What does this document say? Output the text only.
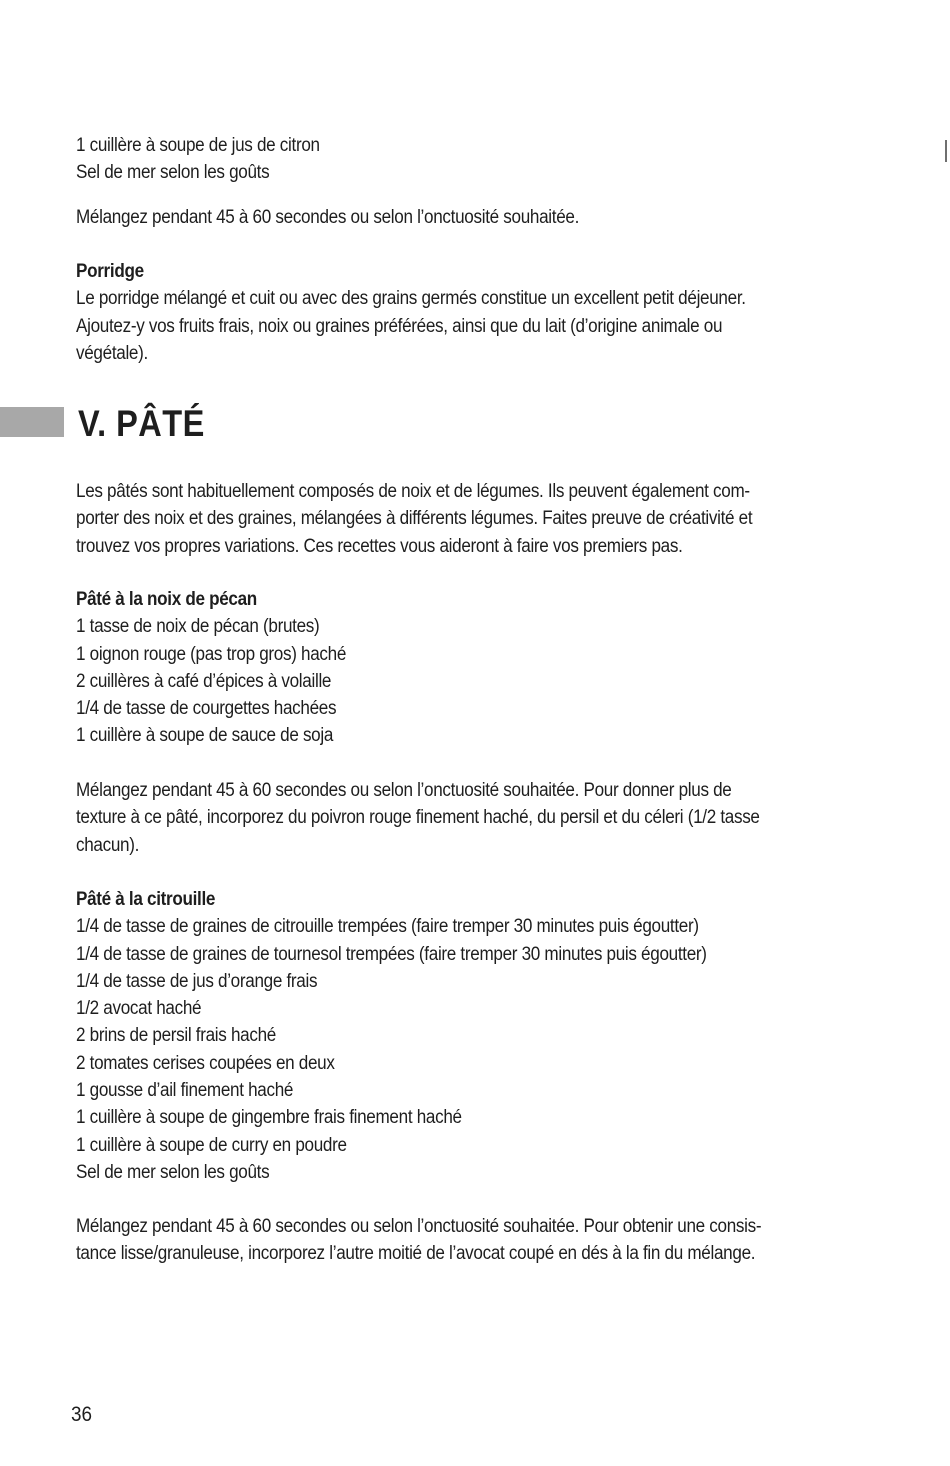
1 cuillère à soupe de jus de citron
Sel de mer selon les goûts
Mélangez pendant 45 à 60 secondes ou selon l’onctuosité souhaitée.
Porridge
Le porridge mélangé et cuit ou avec des grains germés constitue un excellent petit déjeuner.
Ajoutez-y vos fruits frais, noix ou graines préférées, ainsi que du lait (d’origine animale ou
végétale).
V. PÂTÉ
Les pâtés sont habituellement composés de noix et de légumes. Ils peuvent également com-
porter des noix et des graines, mélangées à différents légumes. Faites preuve de créativité et
trouvez vos propres variations. Ces recettes vous aideront à faire vos premiers pas.
Pâté à la noix de pécan
1 tasse de noix de pécan (brutes)
1 oignon rouge (pas trop gros) haché
2 cuillères à café d’épices à volaille
1/4 de tasse de courgettes hachées
1 cuillère à soupe de sauce de soja
Mélangez pendant 45 à 60 secondes ou selon l’onctuosité souhaitée. Pour donner plus de
texture à ce pâté, incorporez du poivron rouge finement haché, du persil et du céleri (1/2 tasse
chacun).
Pâté à la citrouille
1/4 de tasse de graines de citrouille trempées (faire tremper 30 minutes puis égoutter)
1/4 de tasse de graines de tournesol trempées (faire tremper 30 minutes puis égoutter)
1/4 de tasse de jus d’orange frais
1/2 avocat haché
2 brins de persil frais haché
2 tomates cerises coupées en deux
1 gousse d’ail finement haché
1 cuillère à soupe de gingembre frais finement haché
1 cuillère à soupe de curry en poudre
Sel de mer selon les goûts
Mélangez pendant 45 à 60 secondes ou selon l’onctuosité souhaitée. Pour obtenir une consis-
tance lisse/granuleuse, incorporez l’autre moitié de l’avocat coupé en dés à la fin du mélange.
36
